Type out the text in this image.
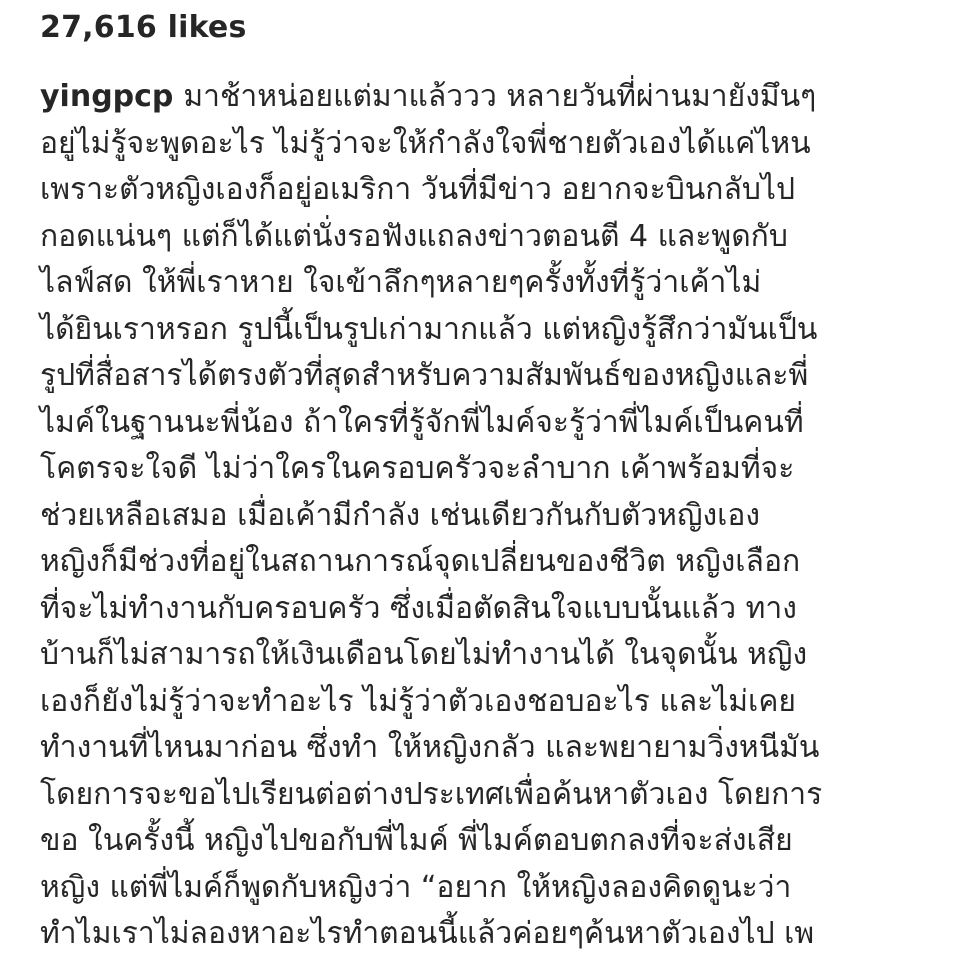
27,616 likes
yingpcp มาช้าหน่อยแต่มาแล้ววว หลายวันที่ผ่านมายังมึนๆ
อยู่ไม่รู้จะพูดอะไร ไม่รู้ว่าจะให้กำลังใจพี่ชายตัวเองได้แค่ไหน
เพราะตัวหญิงเองก็อยู่อเมริกา วันที่มีข่าว อยากจะบินกลับไป
กอดแน่นๆ แต่ก็ได้แต่นั่งรอฟังแถลงข่าวตอนตี 4 และพูดกับ
ไลฟ์สด ให้พี่เราหาย ใจเข้าลึกๆหลายๆครั้งทั้งที่รู้ว่าเค้าไม่
ได้ยินเราหรอก รูปนี้เป็นรูปเก่ามากแล้ว แต่หญิงรู้สึกว่ามันเป็น
รูปที่สื่อสารได้ตรงตัวที่สุดสำหรับความสัมพันธ์ของหญิงและพี่
ไมค์ในฐานนะพี่น้อง ถ้าใครที่รู้จักพี่ไมค์จะรู้ว่าพี่ไมค์เป็นคนที่
โคตรจะใจดี ไม่ว่าใครในครอบครัวจะลำบาก เค้าพร้อมที่จะ
ช่วยเหลือเสมอ เมื่อเค้ามีกำลัง เช่นเดียวกันกับตัวหญิงเอง
หญิงก็มีช่วงที่อยู่ในสถานการณ์จุดเปลี่ยนของชีวิต หญิงเลือก
ที่จะไม่ทำงานกับครอบครัว ซึ่งเมื่อตัดสินใจแบบนั้นแล้ว ทาง
บ้านก็ไม่สามารถให้เงินเดือนโดยไม่ทำงานได้ ในจุดนั้น หญิง
เองก็ยังไม่รู้ว่าจะทำอะไร ไม่รู้ว่าตัวเองชอบอะไร และไม่เคย
ทำงานที่ไหนมาก่อน ซึ่งทำ ให้หญิงกลัว และพยายามวิ่งหนีมัน
โดยการจะขอไปเรียนต่อต่างประเทศเพื่อค้นหาตัวเอง โดยการ
ขอ ในครั้งนี้ หญิงไปขอกับพี่ไมค์ พี่ไมค์ตอบตกลงที่จะส่งเสีย
หญิง แต่พี่ไมค์ก็พูดกับหญิงว่า “อยาก ให้หญิงลองคิดดูนะว่า
ทำไมเราไม่ลองหาอะไรทำตอนนี้แล้วค่อยๆค้นหาตัวเองไป เพ
